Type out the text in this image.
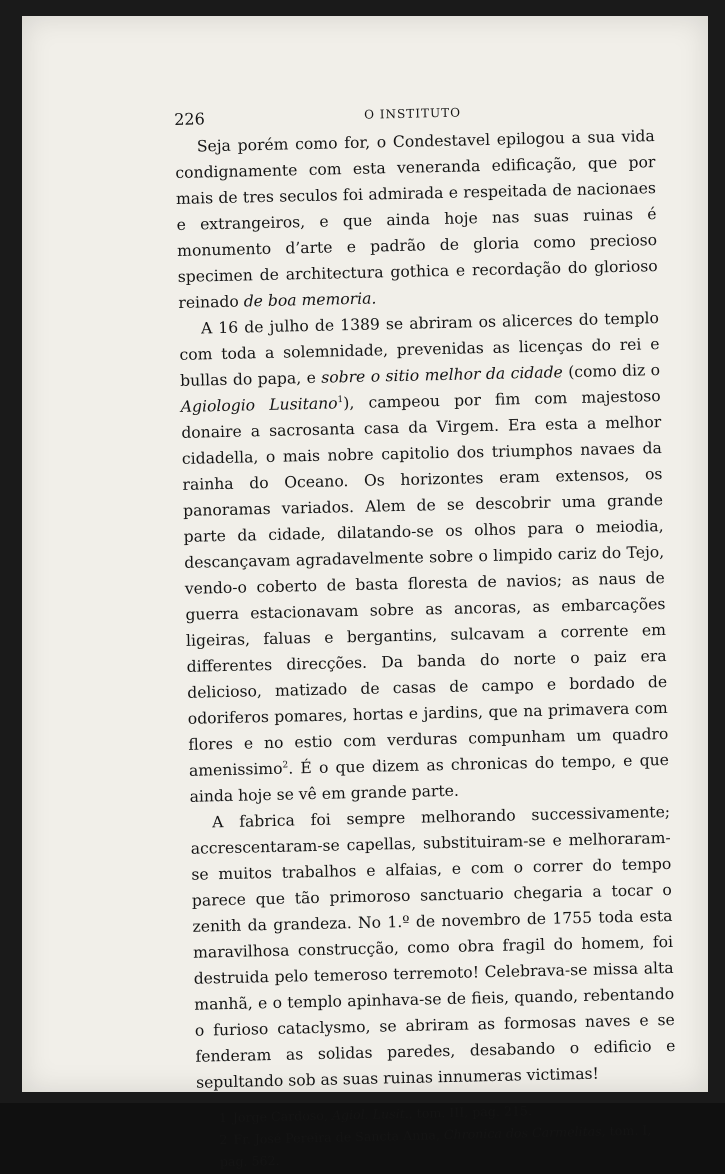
226	O INSTITUTO

Seja porém como for, o Condestavel epilogou a sua vida condignamente com esta veneranda edificação, que por mais de tres seculos foi admirada e respeitada de nacionaes e extrangeiros, e que ainda hoje nas suas ruinas é monumento d’arte e padrão de gloria como precioso specimen de architectura gothica e recordação do glorioso reinado de boa memoria.

A 16 de julho de 1389 se abriram os alicerces do templo com toda a solemnidade, prevenidas as licenças do rei e bullas do papa, e sobre o sitio melhor da cidade (como diz o Agiologio Lusitano$^1$), campeou por fim com majestoso donaire a sacrosanta casa da Virgem. Era esta a melhor cidadella, o mais nobre capitolio dos triumphos navaes da rainha do Oceano. Os horizontes eram extensos, os panoramas variados. Alem de se descobrir uma grande parte da cidade, dilatando-se os olhos para o meiodia, descançavam agradavelmente sobre o limpido cariz do Tejo, vendo-o coberto de basta floresta de navios; as naus de guerra estacionavam sobre as ancoras, as embarcações ligeiras, faluas e bergantins, sulcavam a corrente em differentes direcções. Da banda do norte o paiz era delicioso, matizado de casas de campo e bordado de odoriferos pomares, hortas e jardins, que na primavera com flores e no estio com verduras compunham um quadro amenissimo$^2$. É o que dizem as chronicas do tempo, e que ainda hoje se vê em grande parte.

A fabrica foi sempre melhorando successivamente; accrescentaram-se capellas, substituiram-se e melhoraram-se muitos trabalhos e alfaias, e com o correr do tempo parece que tão primoroso sanctuario chegaria a tocar o zenith da grandeza. No 1.º de novembro de 1755 toda esta maravilhosa construcção, como obra fragil do homem, foi destruida pelo temeroso terremoto! Celebrava-se missa alta manhã, e o templo apinhava-se de fieis, quando, rebentando o furioso cataclysmo, se abriram as formosas naves e se fenderam as solidas paredes, desabando o edificio e sepultando sob as suas ruinas innumeras victimas!

1 Jorge Cardoso, Agiol. Lusit., tom. III, pag. 215.

2 Fr. José Pereira de Sancta Anna, Chronica dos Carmelitas, tom. I, pag. 562.
